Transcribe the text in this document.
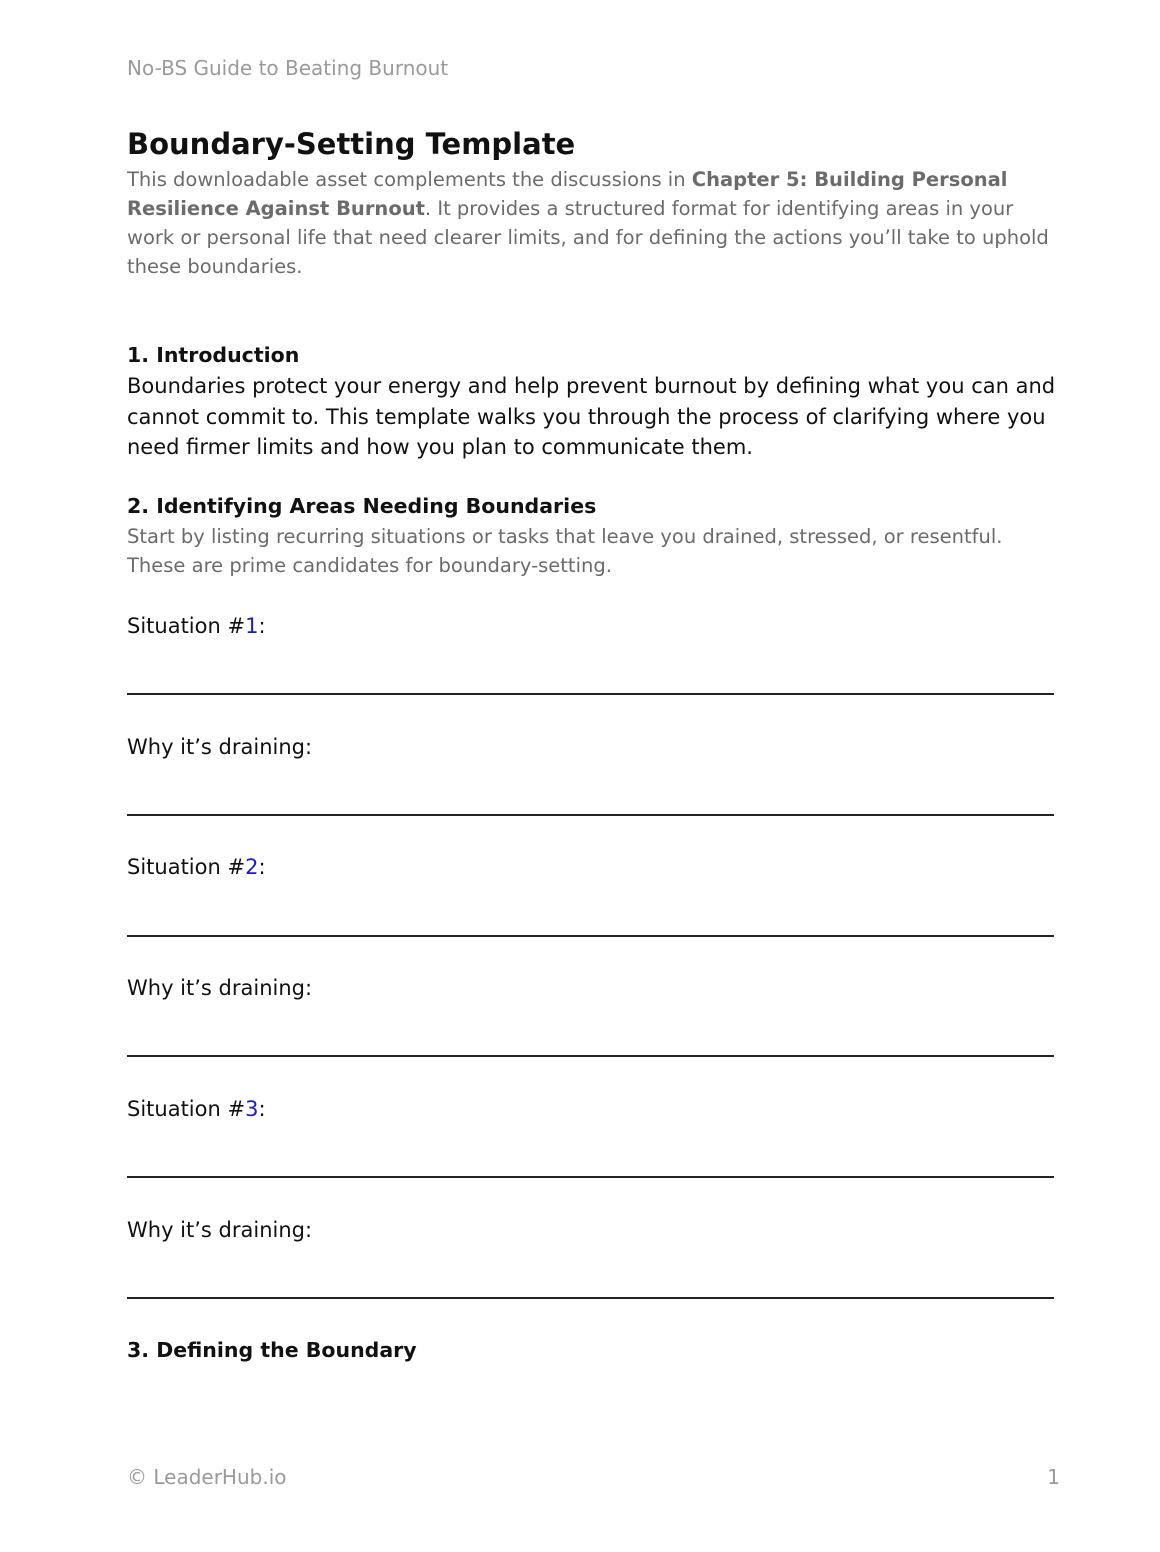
No-BS Guide to Beating Burnout
Boundary-Setting Template

This downloadable asset complements the discussions in Chapter 5: Building Personal Resilience Against Burnout. It provides a structured format for identifying areas in your work or personal life that need clearer limits, and for defining the actions you’ll take to uphold these boundaries.

1. Introduction

Boundaries protect your energy and help prevent burnout by defining what you can and cannot commit to. This template walks you through the process of clarifying where you need firmer limits and how you plan to communicate them.

2. Identifying Areas Needing Boundaries

Start by listing recurring situations or tasks that leave you drained, stressed, or resentful. These are prime candidates for boundary-setting.

Situation #1:
Why it’s draining:
Situation #2:
Why it’s draining:
Situation #3:
Why it’s draining:
3. Defining the Boundary
© LeaderHub.io	1
